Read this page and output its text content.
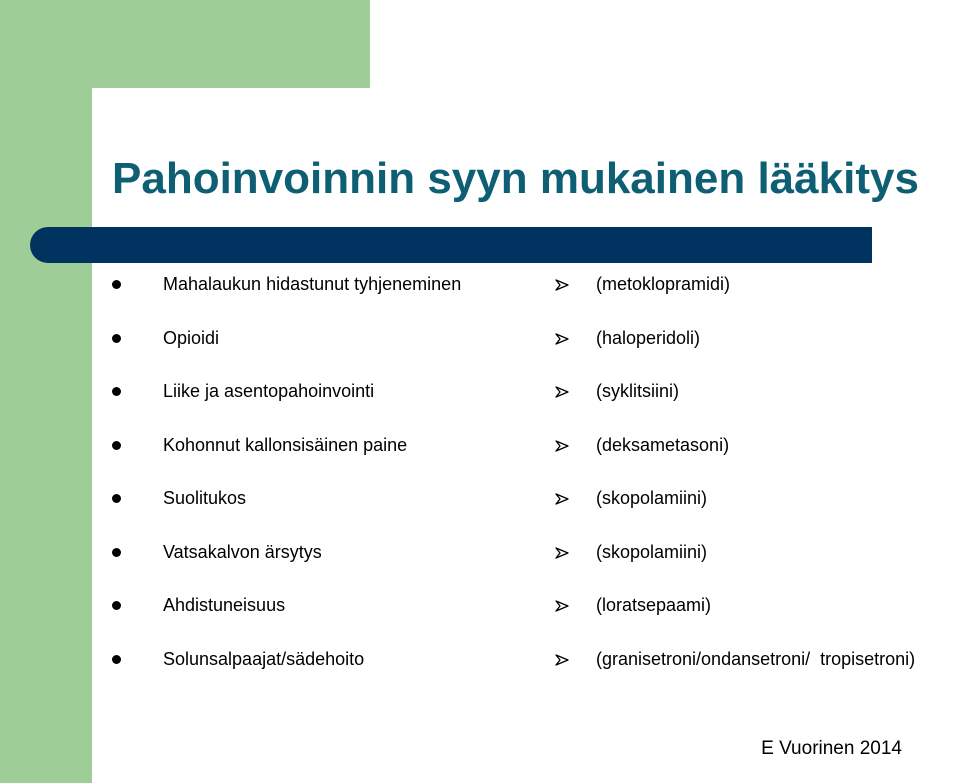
Pahoinvoinnin syyn mukainen lääkitys
Mahalaukun hidastunut tyhjeneminen
Opioidi
Liike ja asentopahoinvointi
Kohonnut kallonsisäinen paine
Suolitukos
Vatsakalvon ärsytys
Ahdistuneisuus
Solunsalpaajat/sädehoito
(metoklopramidi)
(haloperidoli)
(syklitsiini)
(deksametasoni)
(skopolamiini)
(skopolamiini)
(loratsepaami)
(granisetroni/ondansetroni/  tropisetroni)
E Vuorinen 2014
